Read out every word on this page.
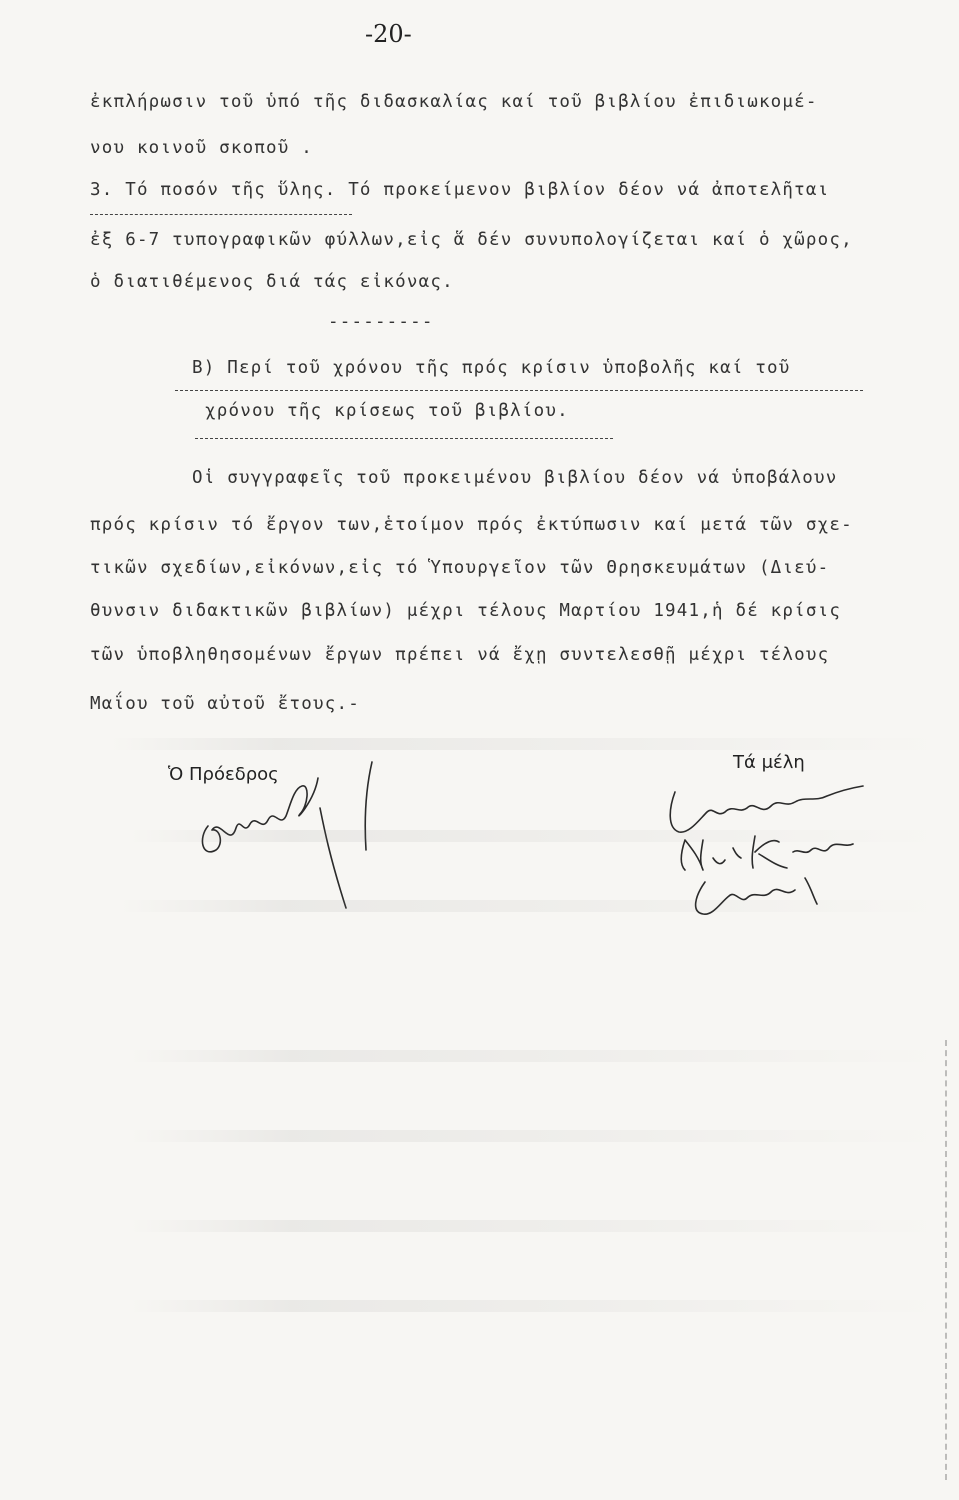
-20-
ἐκπλήρωσιν τοῦ ὑπό τῆς διδασκαλίας καί τοῦ βιβλίου ἐπιδιωκομέ-
νου κοινοῦ σκοποῦ .
3. Τό ποσόν τῆς ὕλης. Τό προκείμενον βιβλίον δέον νά ἀποτελῆται
ἐξ 6-7 τυπογραφικῶν φύλλων,εἰς ἅ δέν συνυπολογίζεται καί ὁ χῶρος,
ὁ διατιθέμενος διά τάς εἰκόνας.
---------
Β) Περί τοῦ χρόνου τῆς πρός κρίσιν ὑποβολῆς καί τοῦ
χρόνου τῆς κρίσεως τοῦ βιβλίου.
Οἱ συγγραφεῖς τοῦ προκειμένου βιβλίου δέον νά ὑποβάλουν
πρός κρίσιν τό ἔργον των,ἑτοίμον πρός ἐκτύπωσιν καί μετά τῶν σχε-
τικῶν σχεδίων,εἰκόνων,εἰς τό Ὑπουργεῖον τῶν Θρησκευμάτων (Διεύ-
θυνσιν διδακτικῶν βιβλίων) μέχρι τέλους Μαρτίου 1941,ἡ δέ κρίσις
τῶν ὑποβληθησομένων ἔργων πρέπει νά ἔχῃ συντελεσθῇ μέχρι τέλους
Μαΐου τοῦ αὐτοῦ ἔτους.-
Ὁ Πρόεδρος
Τά μέλη
